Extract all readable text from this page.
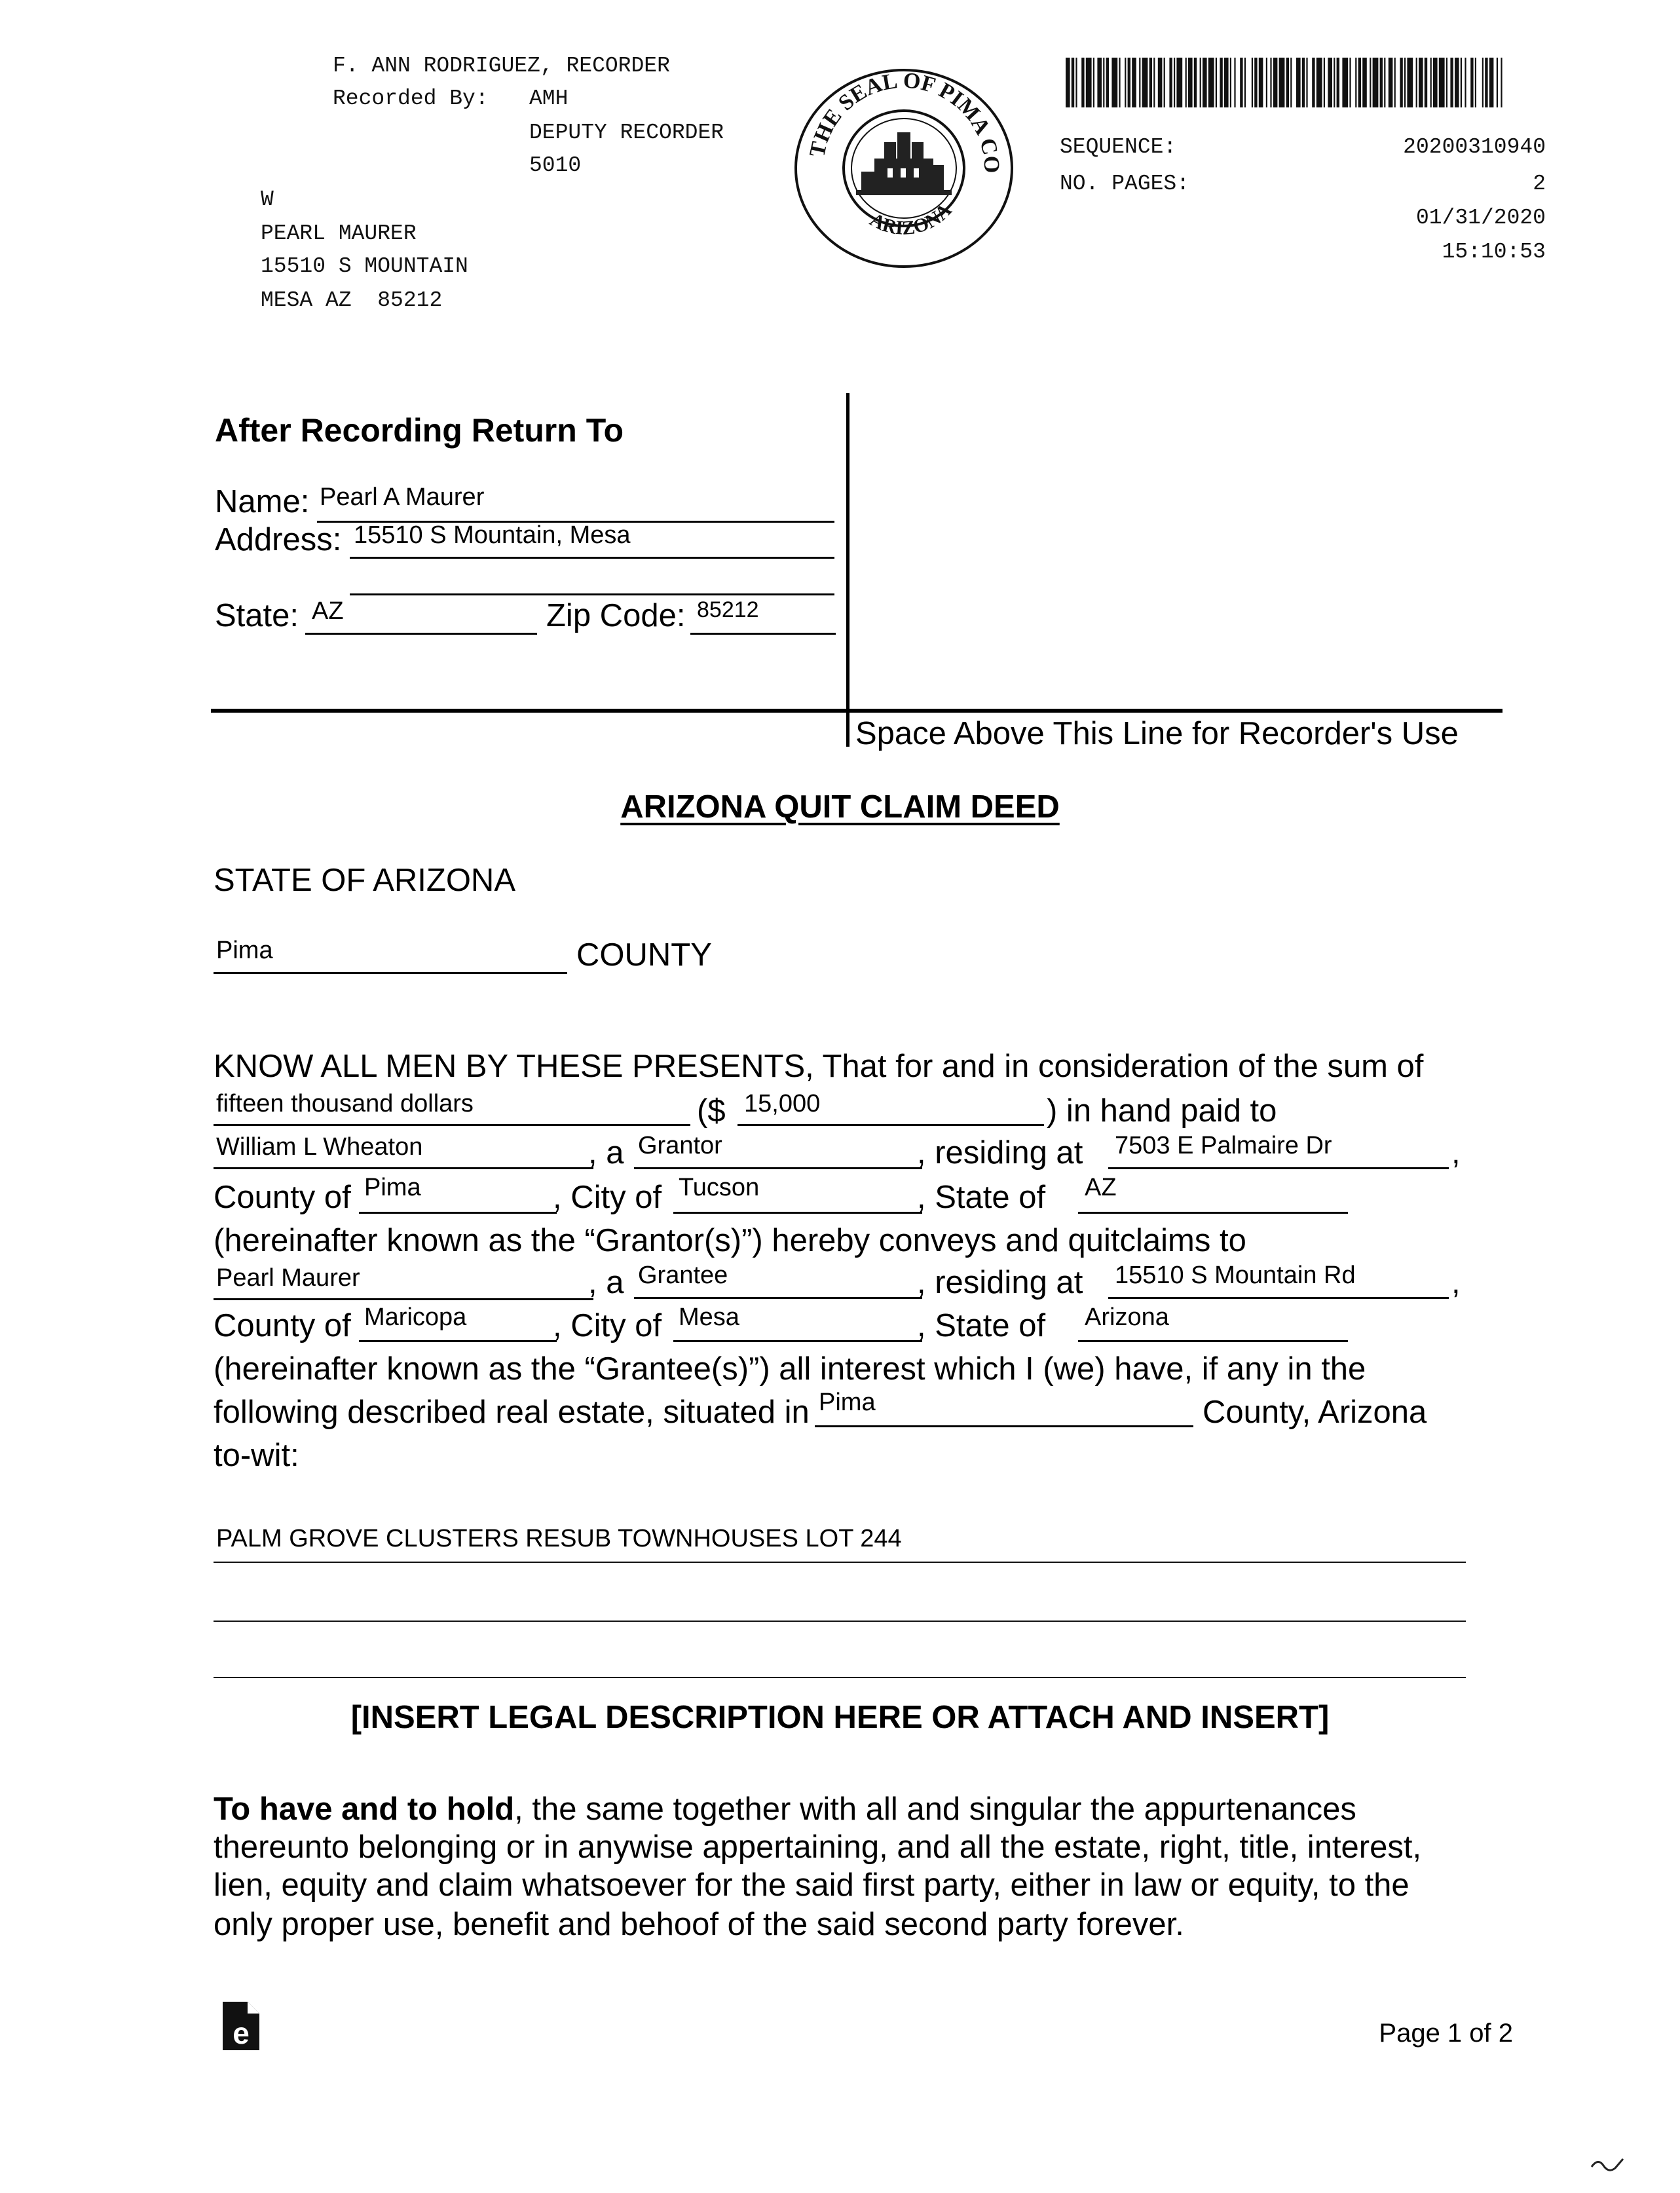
F. ANN RODRIGUEZ, RECORDER
Recorded By: AMH
DEPUTY RECORDER
5010
W
PEARL MAURER
15510 S MOUNTAIN
MESA AZ  85212
THE SEAL OF PIMA CO
ARIZONA
SEQUENCE:	20200310940
NO. PAGES:	2
01/31/2020
15:10:53
After Recording Return To
Name: Pearl A Maurer
Address: 15510 S Mountain, Mesa
State: AZ	Zip Code: 85212
Space Above This Line for Recorder's Use
ARIZONA QUIT CLAIM DEED
STATE OF ARIZONA
Pima	COUNTY
KNOW ALL MEN BY THESE PRESENTS, That for and in consideration of the sum of
fifteen thousand dollars	($ 15,000	) in hand paid to
William L Wheaton	, a Grantor	, residing at 7503 E Palmaire Dr	,
County of Pima	, City of Tucson	, State of AZ
(hereinafter known as the “Grantor(s)”) hereby conveys and quitclaims to
Pearl Maurer	, a Grantee	, residing at 15510 S Mountain Rd	,
County of Maricopa	, City of Mesa	, State of Arizona
(hereinafter known as the “Grantee(s)”) all interest which I (we) have, if any in the
following described real estate, situated in Pima	County, Arizona
to-wit:
PALM GROVE CLUSTERS RESUB TOWNHOUSES LOT 244
[INSERT LEGAL DESCRIPTION HERE OR ATTACH AND INSERT]
To have and to hold, the same together with all and singular the appurtenances
thereunto belonging or in anywise appertaining, and all the estate, right, title, interest,
lien, equity and claim whatsoever for the said first party, either in law or equity, to the
only proper use, benefit and behoof of the said second party forever.
e	Page 1 of 2
